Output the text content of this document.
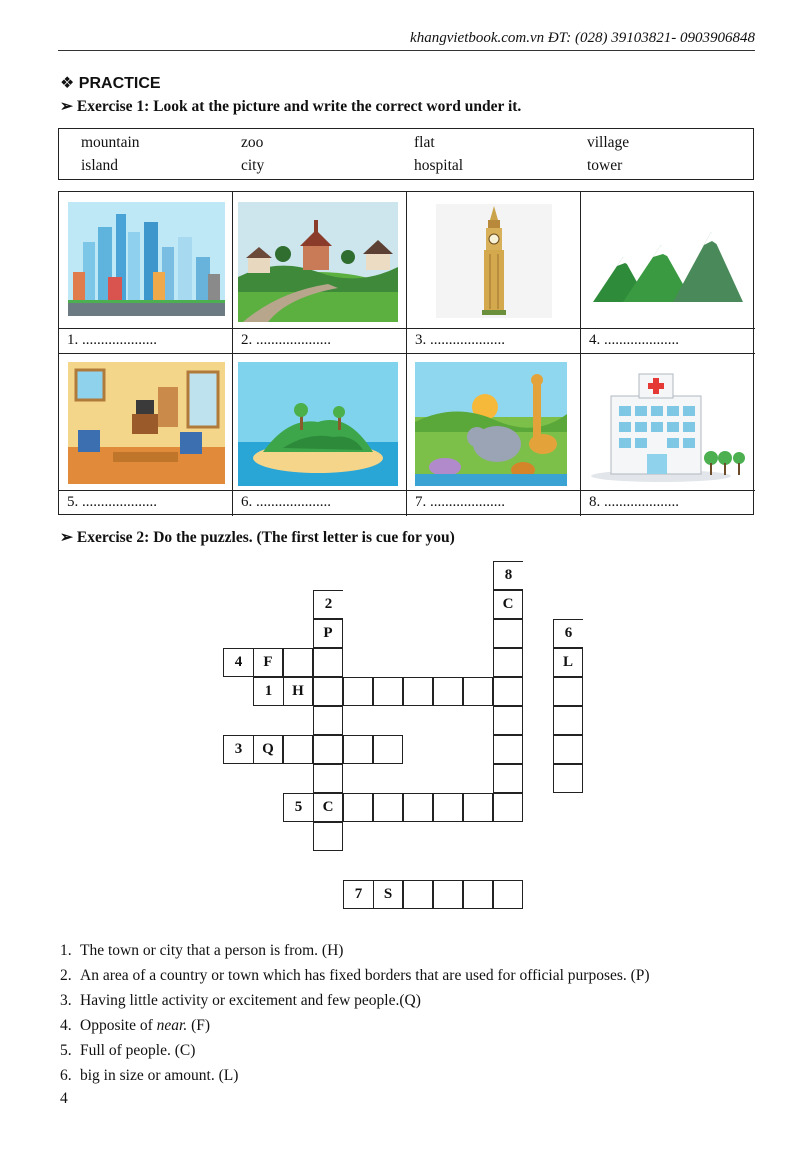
khangvietbook.com.vn ĐT: (028) 39103821- 0903906848
❖ PRACTICE
➢ Exercise 1: Look at the picture and write the correct word under it.
mountain	zoo	flat	village
island	city	hospital	tower
1. ....................	2. ....................	3. ....................	4. ....................
5. ....................	6. ....................	7. ....................	8. ....................
➢ Exercise 2: Do the puzzles. (The first letter is cue for you)
8
2	C
P	6
4	F	L
1	H
3	Q
5	C
7	S
1. The town or city that a person is from. (H)
2. An area of a country or town which has fixed borders that are used for official purposes. (P)
3. Having little activity or excitement and few people.(Q)
4. Opposite of near. (F)
5. Full of people. (C)
6. big in size or amount. (L)
4
